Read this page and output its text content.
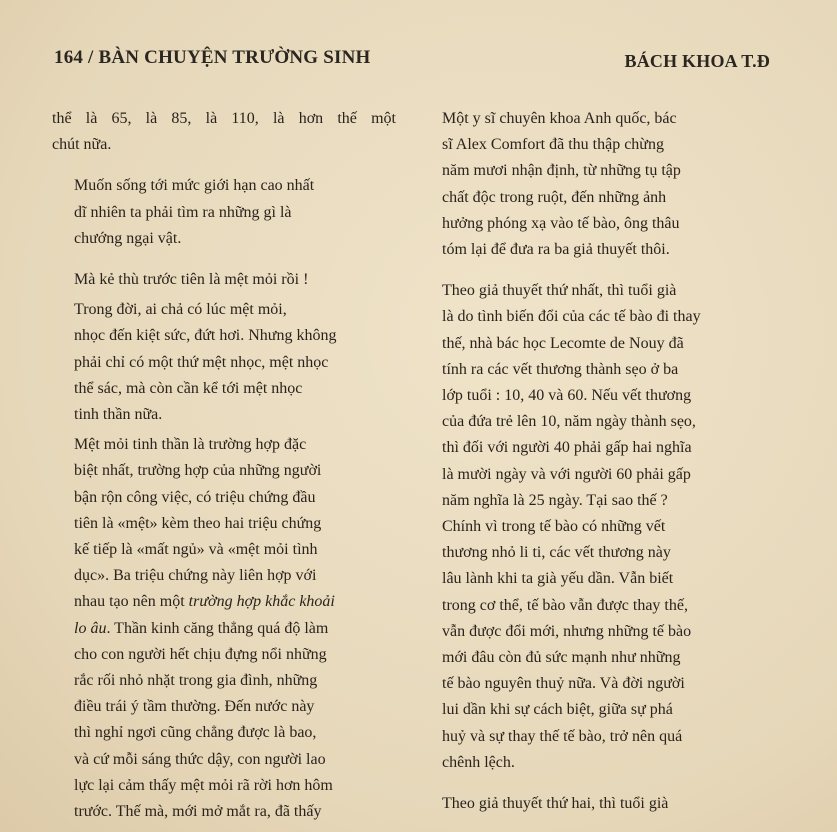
164 / BÀN CHUYỆN TRƯỜNG SINH	BÁCH KHOA T.Đ

thể là 65, là 85, là 110, là hơn thế một
chút nữa.

Muốn sống tới mức giới hạn cao nhất
dĩ nhiên ta phải tìm ra những gì là
chướng ngại vật.

Mà kẻ thù trước tiên là mệt mỏi rồi !

Trong đời, ai chả có lúc mệt mỏi,
nhọc đến kiệt sức, đứt hơi. Nhưng không
phải chỉ có một thứ mệt nhọc, mệt nhọc
thể sác, mà còn cần kể tới mệt nhọc
tinh thần nữa.

Mệt mỏi tinh thần là trường hợp đặc
biệt nhất, trường hợp của những người
bận rộn công việc, có triệu chứng đầu
tiên là «mệt» kèm theo hai triệu chứng
kế tiếp là «mất ngủ» và «mệt mỏi tình
dục». Ba triệu chứng này liên hợp với
nhau tạo nên một trường hợp khắc khoải
lo âu. Thần kinh căng thẳng quá độ làm
cho con người hết chịu đựng nổi những
rắc rối nhỏ nhặt trong gia đình, những
điều trái ý tầm thường. Đến nước này
thì nghỉ ngơi cũng chẳng được là bao,
và cứ mỗi sáng thức dậy, con người lao
lực lại cảm thấy mệt mỏi rã rời hơn hôm
trước. Thế mà, mới mở mắt ra, đã thấy

Một y sĩ chuyên khoa Anh quốc, bác
sĩ Alex Comfort đã thu thập chừng
năm mươi nhận định, từ những tụ tập
chất độc trong ruột, đến những ảnh
hưởng phóng xạ vào tế bào, ông thâu
tóm lại để đưa ra ba giả thuyết thôi.

Theo giả thuyết thứ nhất, thì tuổi già
là do tình biến đổi của các tế bào đi thay
thế, nhà bác học Lecomte de Nouy đã
tính ra các vết thương thành sẹo ở ba
lớp tuổi : 10, 40 và 60. Nếu vết thương
của đứa trẻ lên 10, năm ngày thành sẹo,
thì đối với người 40 phải gấp hai nghĩa
là mười ngày và với người 60 phải gấp
năm nghĩa là 25 ngày. Tại sao thế ?
Chính vì trong tế bào có những vết
thương nhỏ li ti, các vết thương này
lâu lành khi ta già yếu dần. Vẫn biết
trong cơ thể, tế bào vẫn được thay thế,
vẫn được đổi mới, nhưng những tế bào
mới đâu còn đủ sức mạnh như những
tế bào nguyên thuỷ nữa. Và đời người
lui dần khi sự cách biệt, giữa sự phá
huỷ và sự thay thế tế bào, trở nên quá
chênh lệch.

Theo giả thuyết thứ hai, thì tuổi già
